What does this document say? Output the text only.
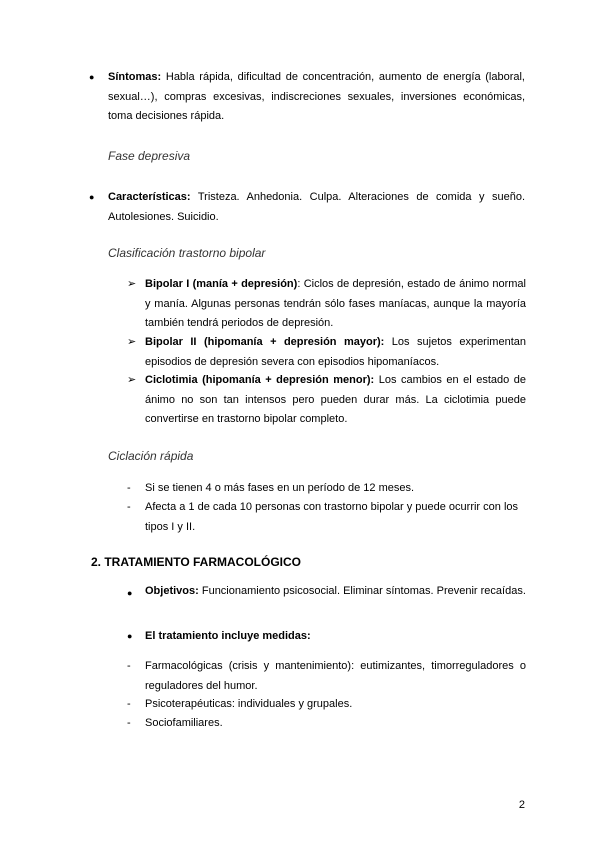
● Síntomas: Habla rápida, dificultad de concentración, aumento de energía (laboral, sexual…), compras excesivas, indiscreciones sexuales, inversiones económicas, toma decisiones rápida.
Fase depresiva
● Características: Tristeza. Anhedonia. Culpa. Alteraciones de comida y sueño. Autolesiones. Suicidio.
Clasificación trastorno bipolar
➢ Bipolar I (manía + depresión): Ciclos de depresión, estado de ánimo normal y manía. Algunas personas tendrán sólo fases maníacas, aunque la mayoría también tendrá periodos de depresión.
➢ Bipolar II (hipomanía + depresión mayor): Los sujetos experimentan episodios de depresión severa con episodios hipomaníacos.
➢ Ciclotimia (hipomanía + depresión menor): Los cambios en el estado de ánimo no son tan intensos pero pueden durar más. La ciclotimia puede convertirse en trastorno bipolar completo.
Ciclación rápida
- Si se tienen 4 o más fases en un período de 12 meses.
- Afecta a 1 de cada 10 personas con trastorno bipolar y puede ocurrir con los tipos I y II.
2. TRATAMIENTO FARMACOLÓGICO
● Objetivos: Funcionamiento psicosocial. Eliminar síntomas. Prevenir recaídas.
● El tratamiento incluye medidas:
- Farmacológicas (crisis y mantenimiento): eutimizantes, timorreguladores o reguladores del humor.
- Psicoterapéuticas: individuales y grupales.
- Sociofamiliares.
2
